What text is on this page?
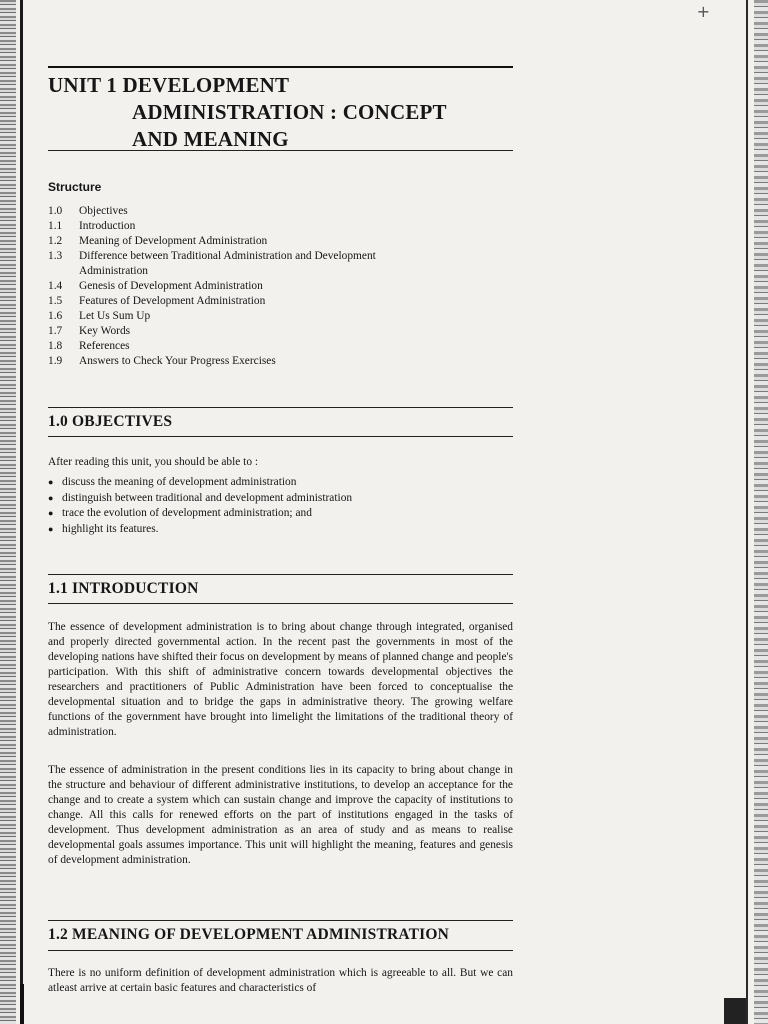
+
UNIT 1 DEVELOPMENT
ADMINISTRATION : CONCEPT
AND MEANING
Structure
1.0	Objectives
1.1	Introduction
1.2	Meaning of Development Administration
1.3	Difference between Traditional Administration and Development Administration
1.4	Genesis of Development Administration
1.5	Features of Development Administration
1.6	Let Us Sum Up
1.7	Key Words
1.8	References
1.9	Answers to Check Your Progress Exercises
1.0 OBJECTIVES
After reading this unit, you should be able to :
● discuss the meaning of development administration
● distinguish between traditional and development administration
● trace the evolution of development administration; and
● highlight its features.
1.1 INTRODUCTION
The essence of development administration is to bring about change through integrated, organised and properly directed governmental action. In the recent past the governments in most of the developing nations have shifted their focus on development by means of planned change and people's participation. With this shift of administrative concern towards developmental objectives the researchers and practitioners of Public Administration have been forced to conceptualise the developmental situation and to bridge the gaps in administrative theory. The growing welfare functions of the government have brought into limelight the limitations of the traditional theory of administration.
The essence of administration in the present conditions lies in its capacity to bring about change in the structure and behaviour of different administrative institutions, to develop an acceptance for the change and to create a system which can sustain change and improve the capacity of institutions to change. All this calls for renewed efforts on the part of institutions engaged in the tasks of development. Thus development administration as an area of study and as means to realise developmental goals assumes importance. This unit will highlight the meaning, features and genesis of development administration.
1.2 MEANING OF DEVELOPMENT ADMINISTRATION
There is no uniform definition of development administration which is agreeable to all. But we can atleast arrive at certain basic features and characteristics of
